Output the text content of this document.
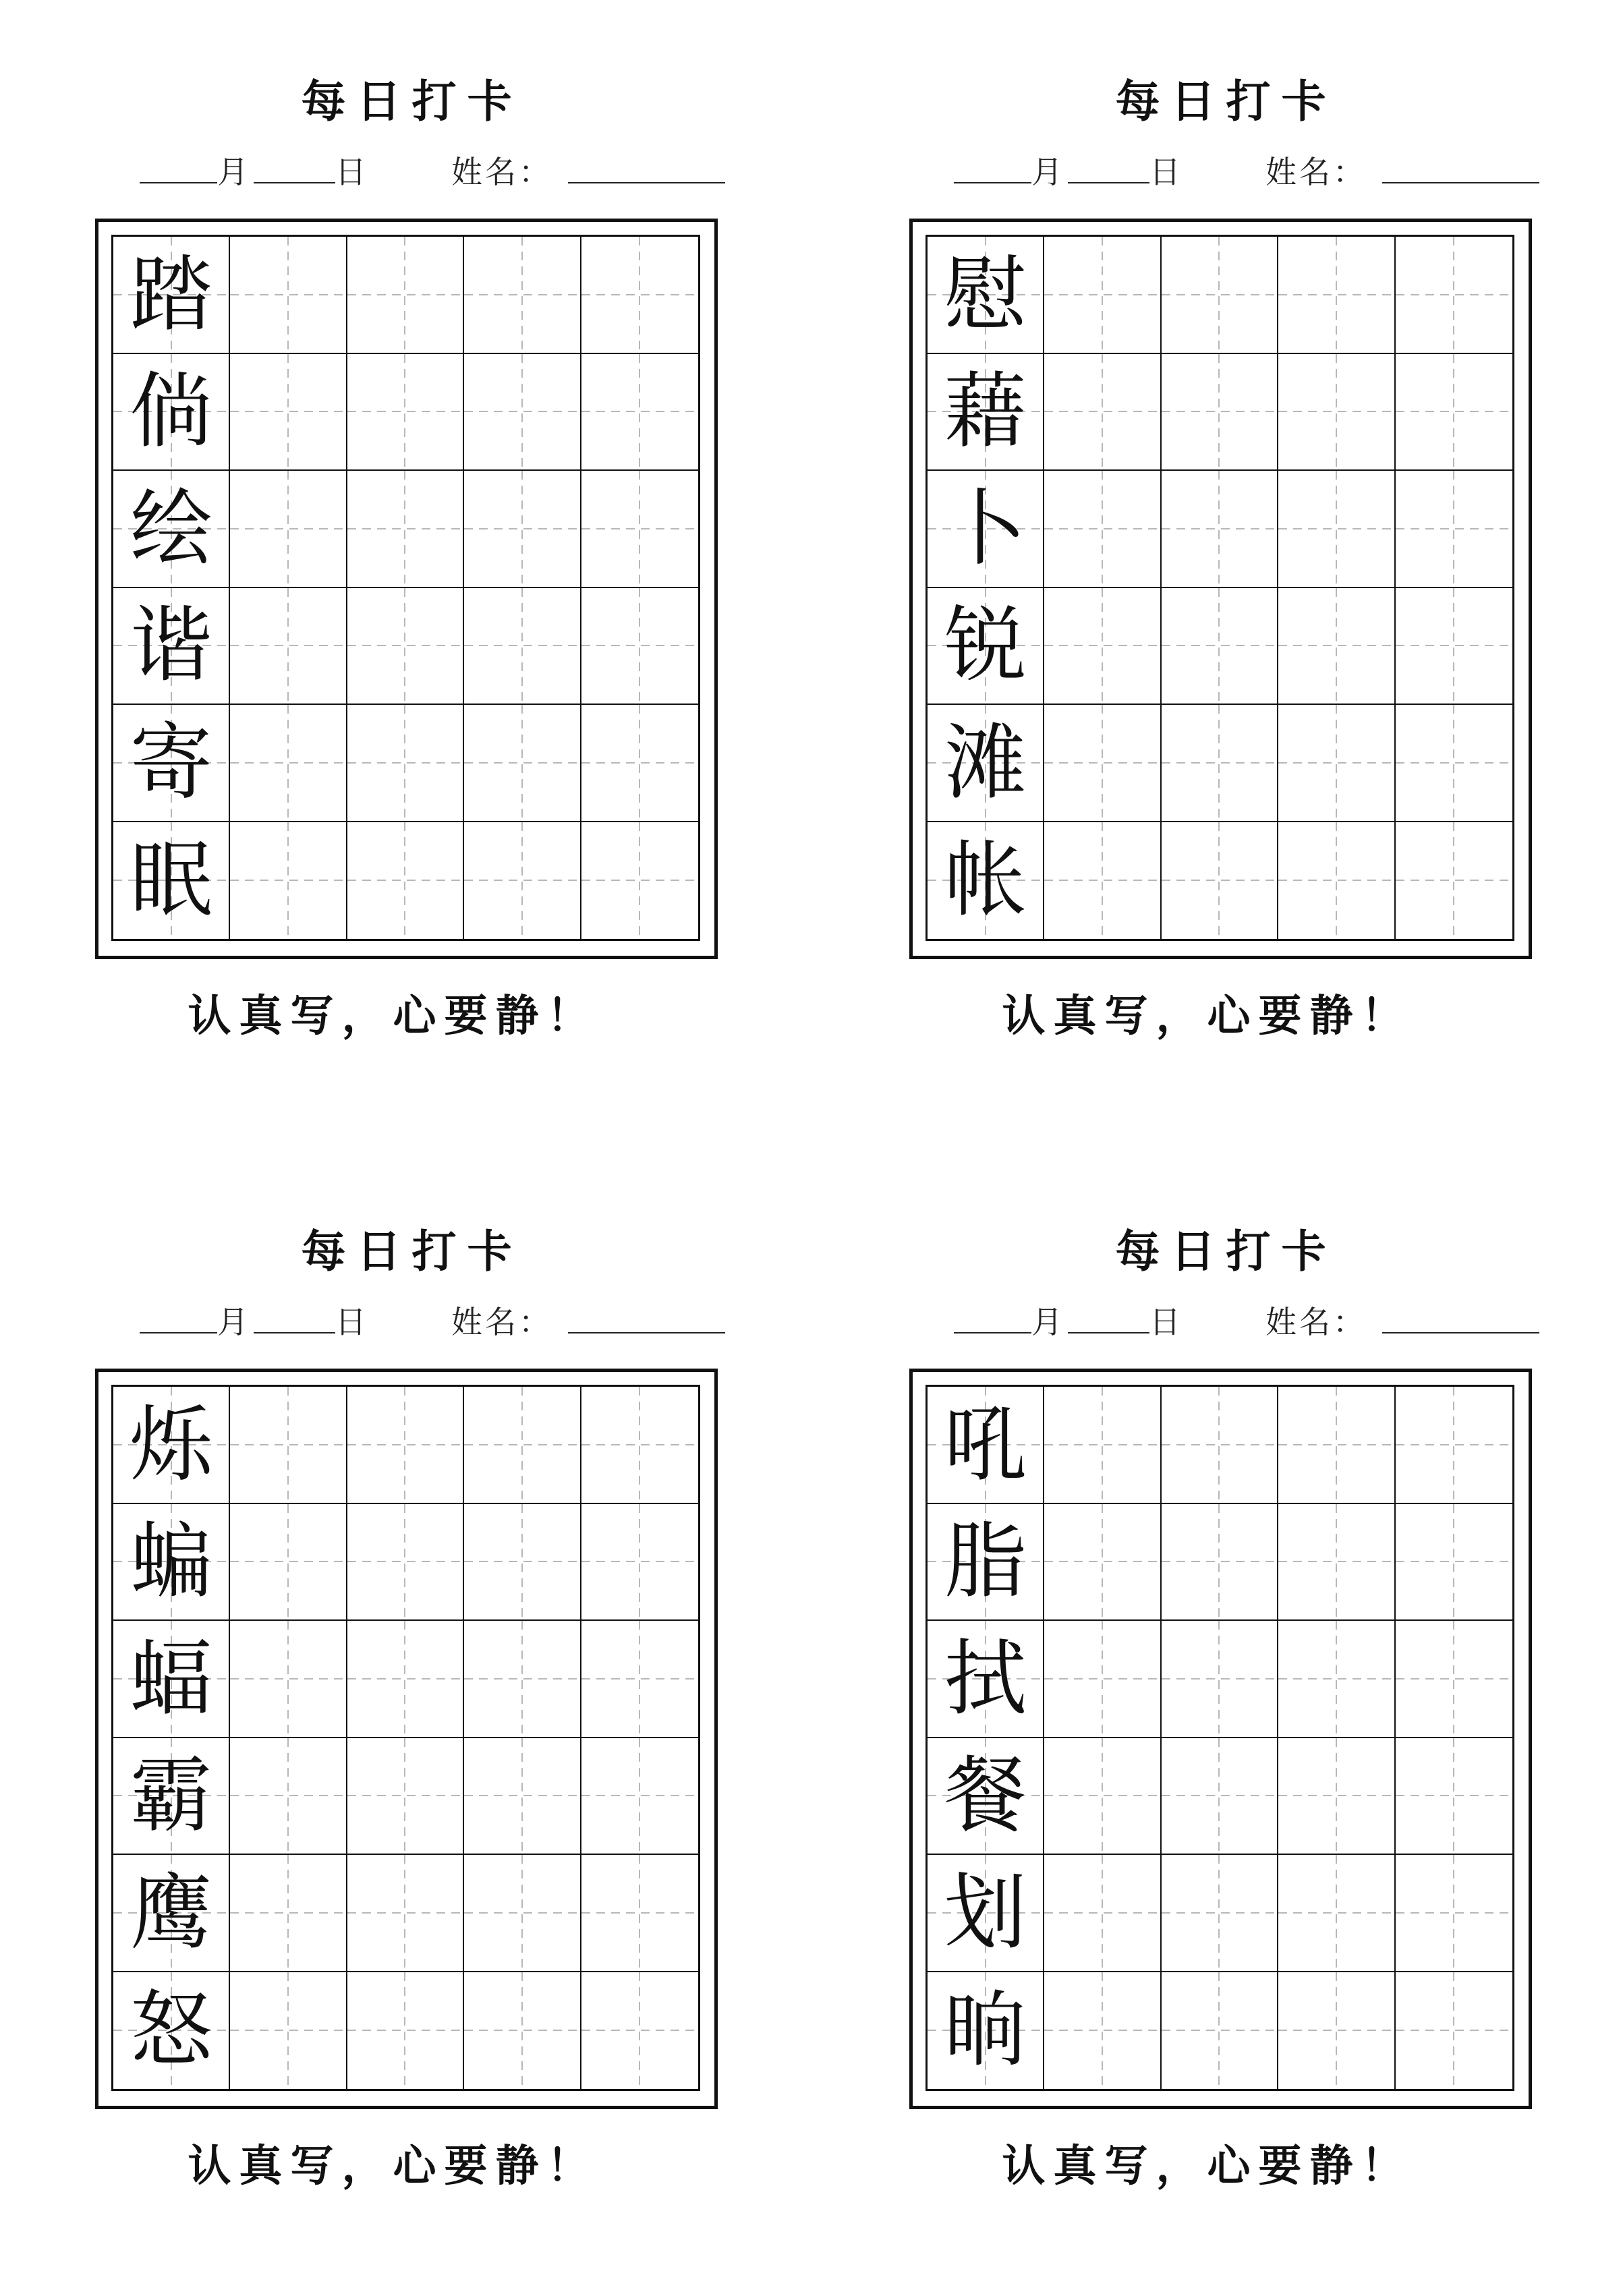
每日打卡
月	日	姓名：
踏
倘
绘
谐
寄
眠

认真写，心要静！

每日打卡
月	日	姓名：
慰
藉
卜
锐
滩
帐

认真写，心要静！

每日打卡
月	日	姓名：
烁
蝙
蝠
霸
鹰
怒

认真写，心要静！

每日打卡
月	日	姓名：
吼
脂
拭
餐
划
晌

认真写，心要静！
